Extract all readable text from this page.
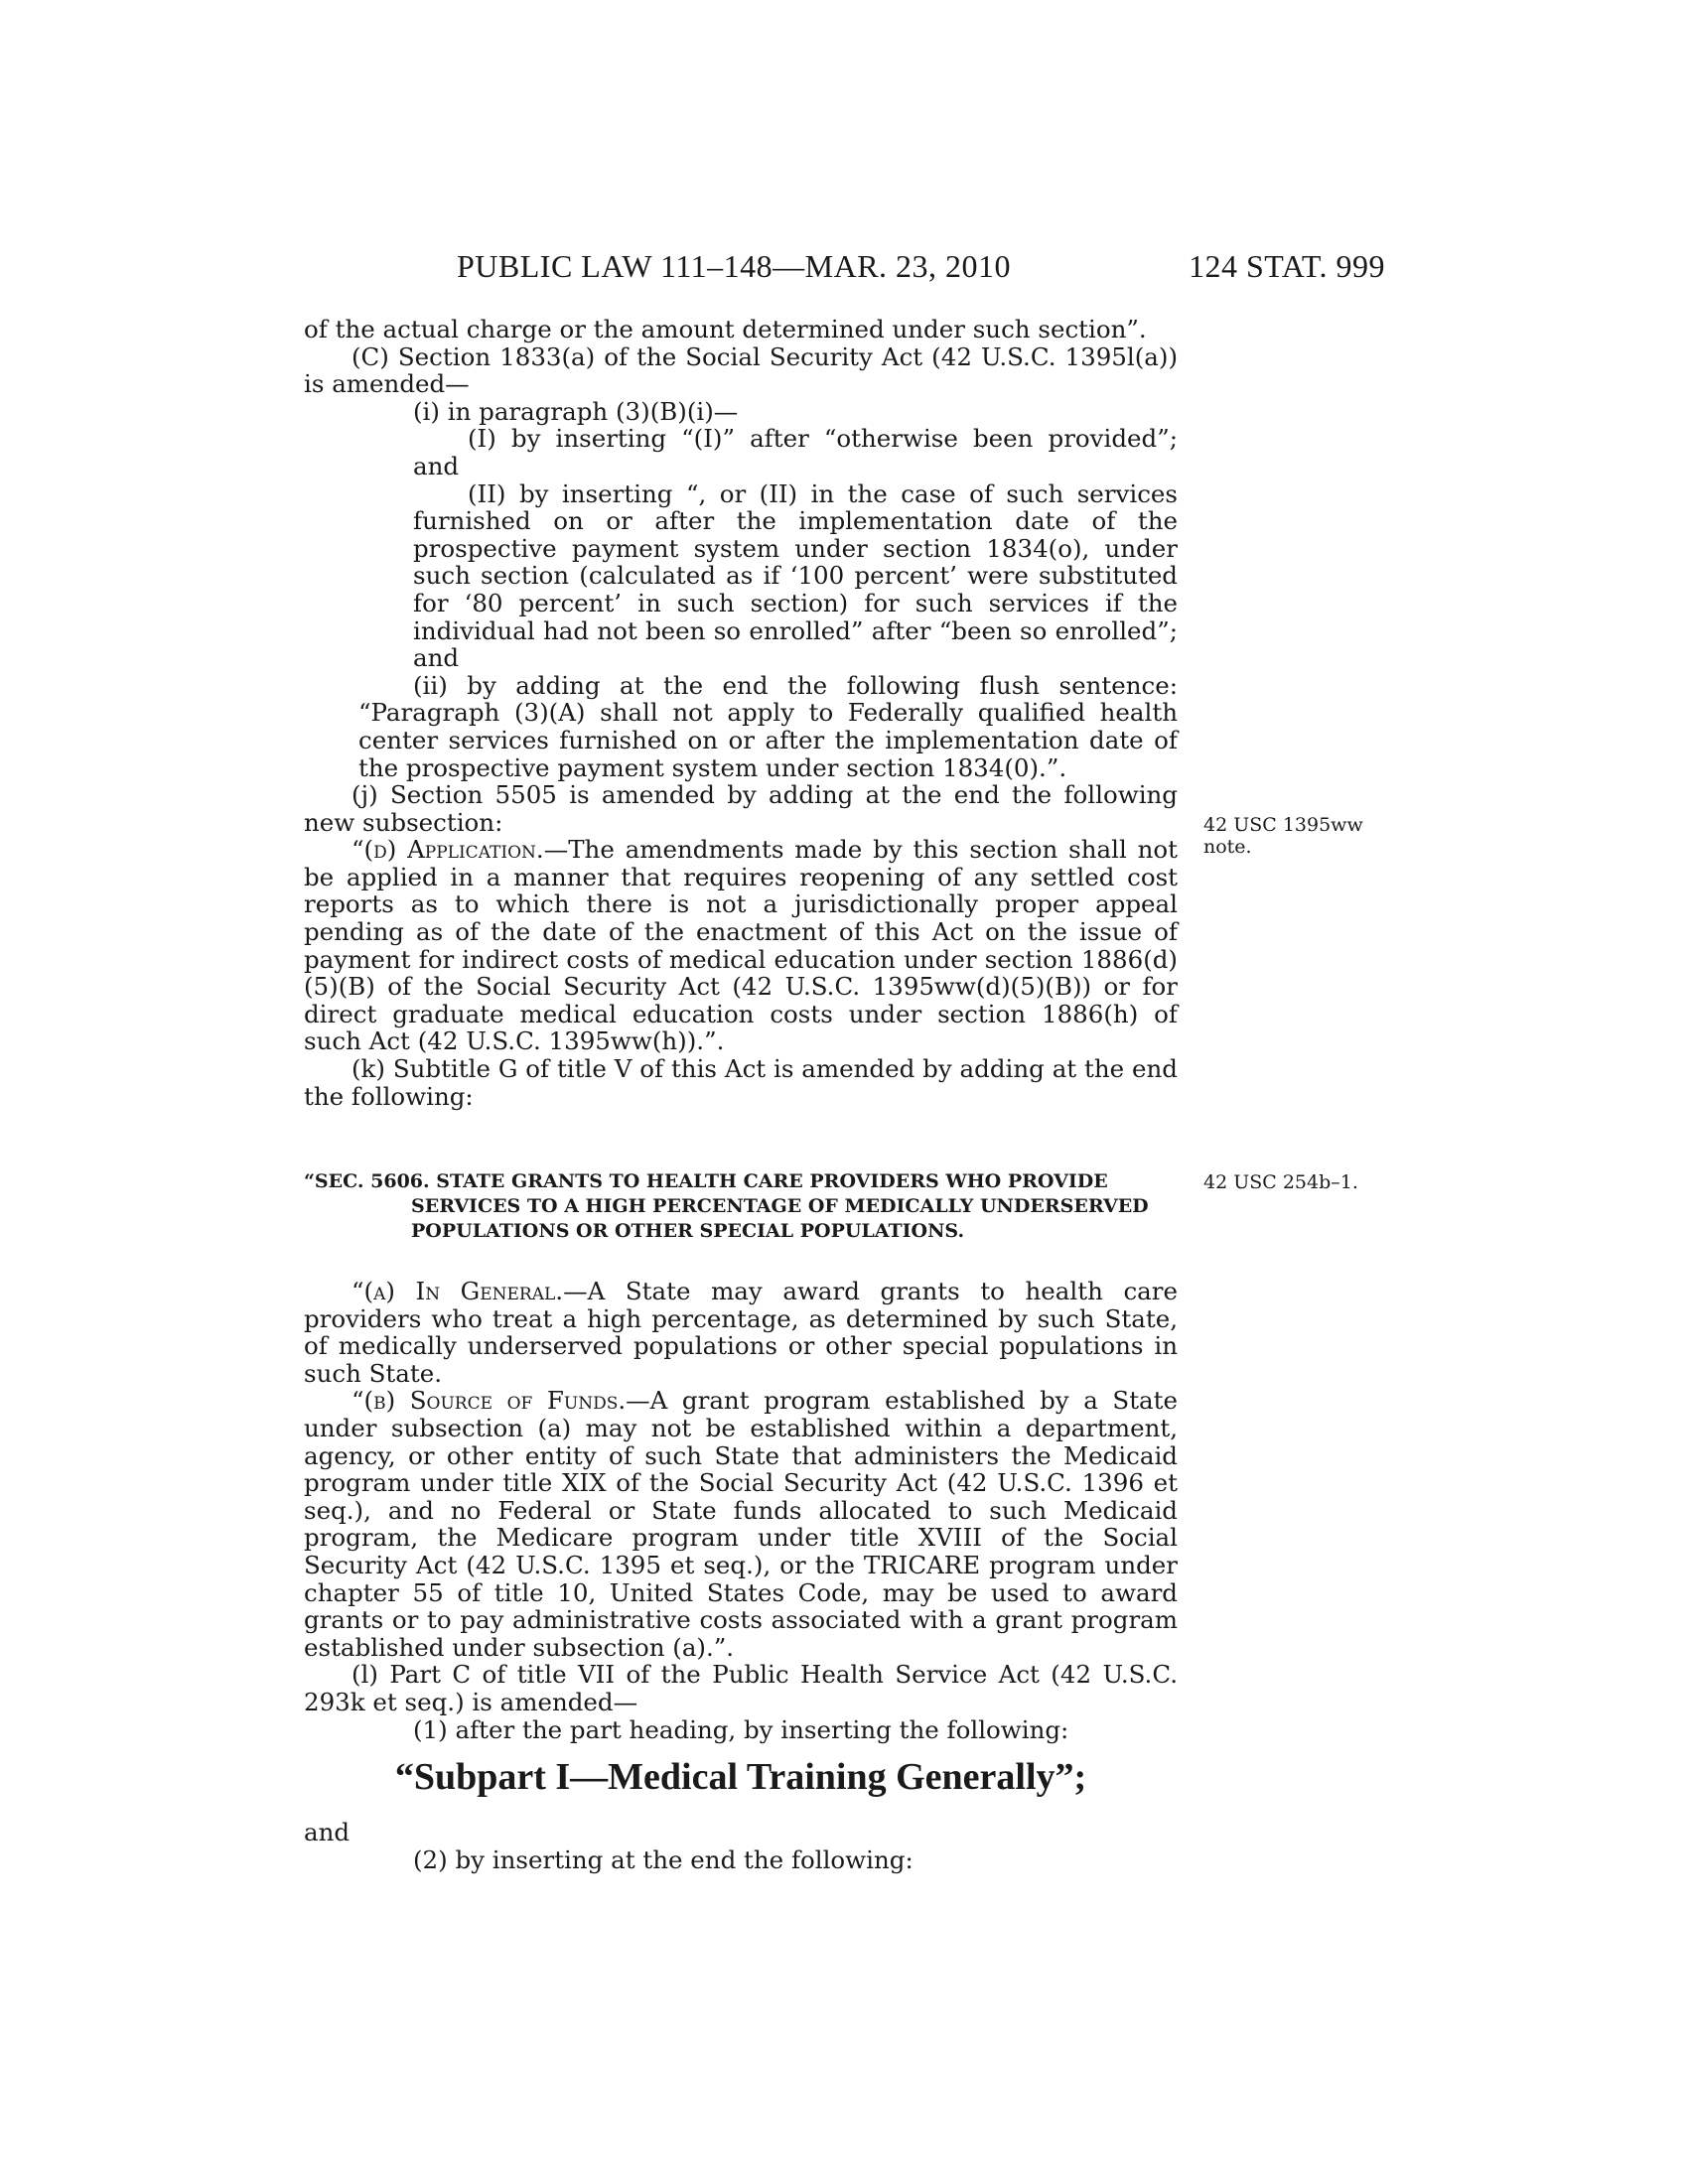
PUBLIC LAW 111–148—MAR. 23, 2010	124 STAT. 999

of the actual charge or the amount determined under such section”.

(C) Section 1833(a) of the Social Security Act (42 U.S.C. 1395l(a)) is amended—

(i) in paragraph (3)(B)(i)—

(I) by inserting “(I)” after “otherwise been provided”; and

(II) by inserting “, or (II) in the case of such services furnished on or after the implementation date of the prospective payment system under section 1834(o), under such section (calculated as if ‘100 percent’ were substituted for ‘80 percent’ in such section) for such services if the individual had not been so enrolled” after “been so enrolled”; and

(ii) by adding at the end the following flush sentence: “Paragraph (3)(A) shall not apply to Federally qualified health center services furnished on or after the implementation date of the prospective payment system under section 1834(0).”.

(j) Section 5505 is amended by adding at the end the following new subsection:

“(d) Application.—The amendments made by this section shall not be applied in a manner that requires reopening of any settled cost reports as to which there is not a jurisdictionally proper appeal pending as of the date of the enactment of this Act on the issue of payment for indirect costs of medical education under section 1886(d)(5)(B) of the Social Security Act (42 U.S.C. 1395ww(d)(5)(B)) or for direct graduate medical education costs under section 1886(h) of such Act (42 U.S.C. 1395ww(h)).”.

(k) Subtitle G of title V of this Act is amended by adding at the end the following:

“SEC. 5606. STATE GRANTS TO HEALTH CARE PROVIDERS WHO PROVIDE SERVICES TO A HIGH PERCENTAGE OF MEDICALLY UNDERSERVED POPULATIONS OR OTHER SPECIAL POPULATIONS.

“(a) In General.—A State may award grants to health care providers who treat a high percentage, as determined by such State, of medically underserved populations or other special populations in such State.

“(b) Source of Funds.—A grant program established by a State under subsection (a) may not be established within a department, agency, or other entity of such State that administers the Medicaid program under title XIX of the Social Security Act (42 U.S.C. 1396 et seq.), and no Federal or State funds allocated to such Medicaid program, the Medicare program under title XVIII of the Social Security Act (42 U.S.C. 1395 et seq.), or the TRICARE program under chapter 55 of title 10, United States Code, may be used to award grants or to pay administrative costs associated with a grant program established under subsection (a).”.

(l) Part C of title VII of the Public Health Service Act (42 U.S.C. 293k et seq.) is amended—

(1) after the part heading, by inserting the following:

“Subpart I—Medical Training Generally”;

and

(2) by inserting at the end the following:

42 USC 1395ww note.
42 USC 254b–1.
